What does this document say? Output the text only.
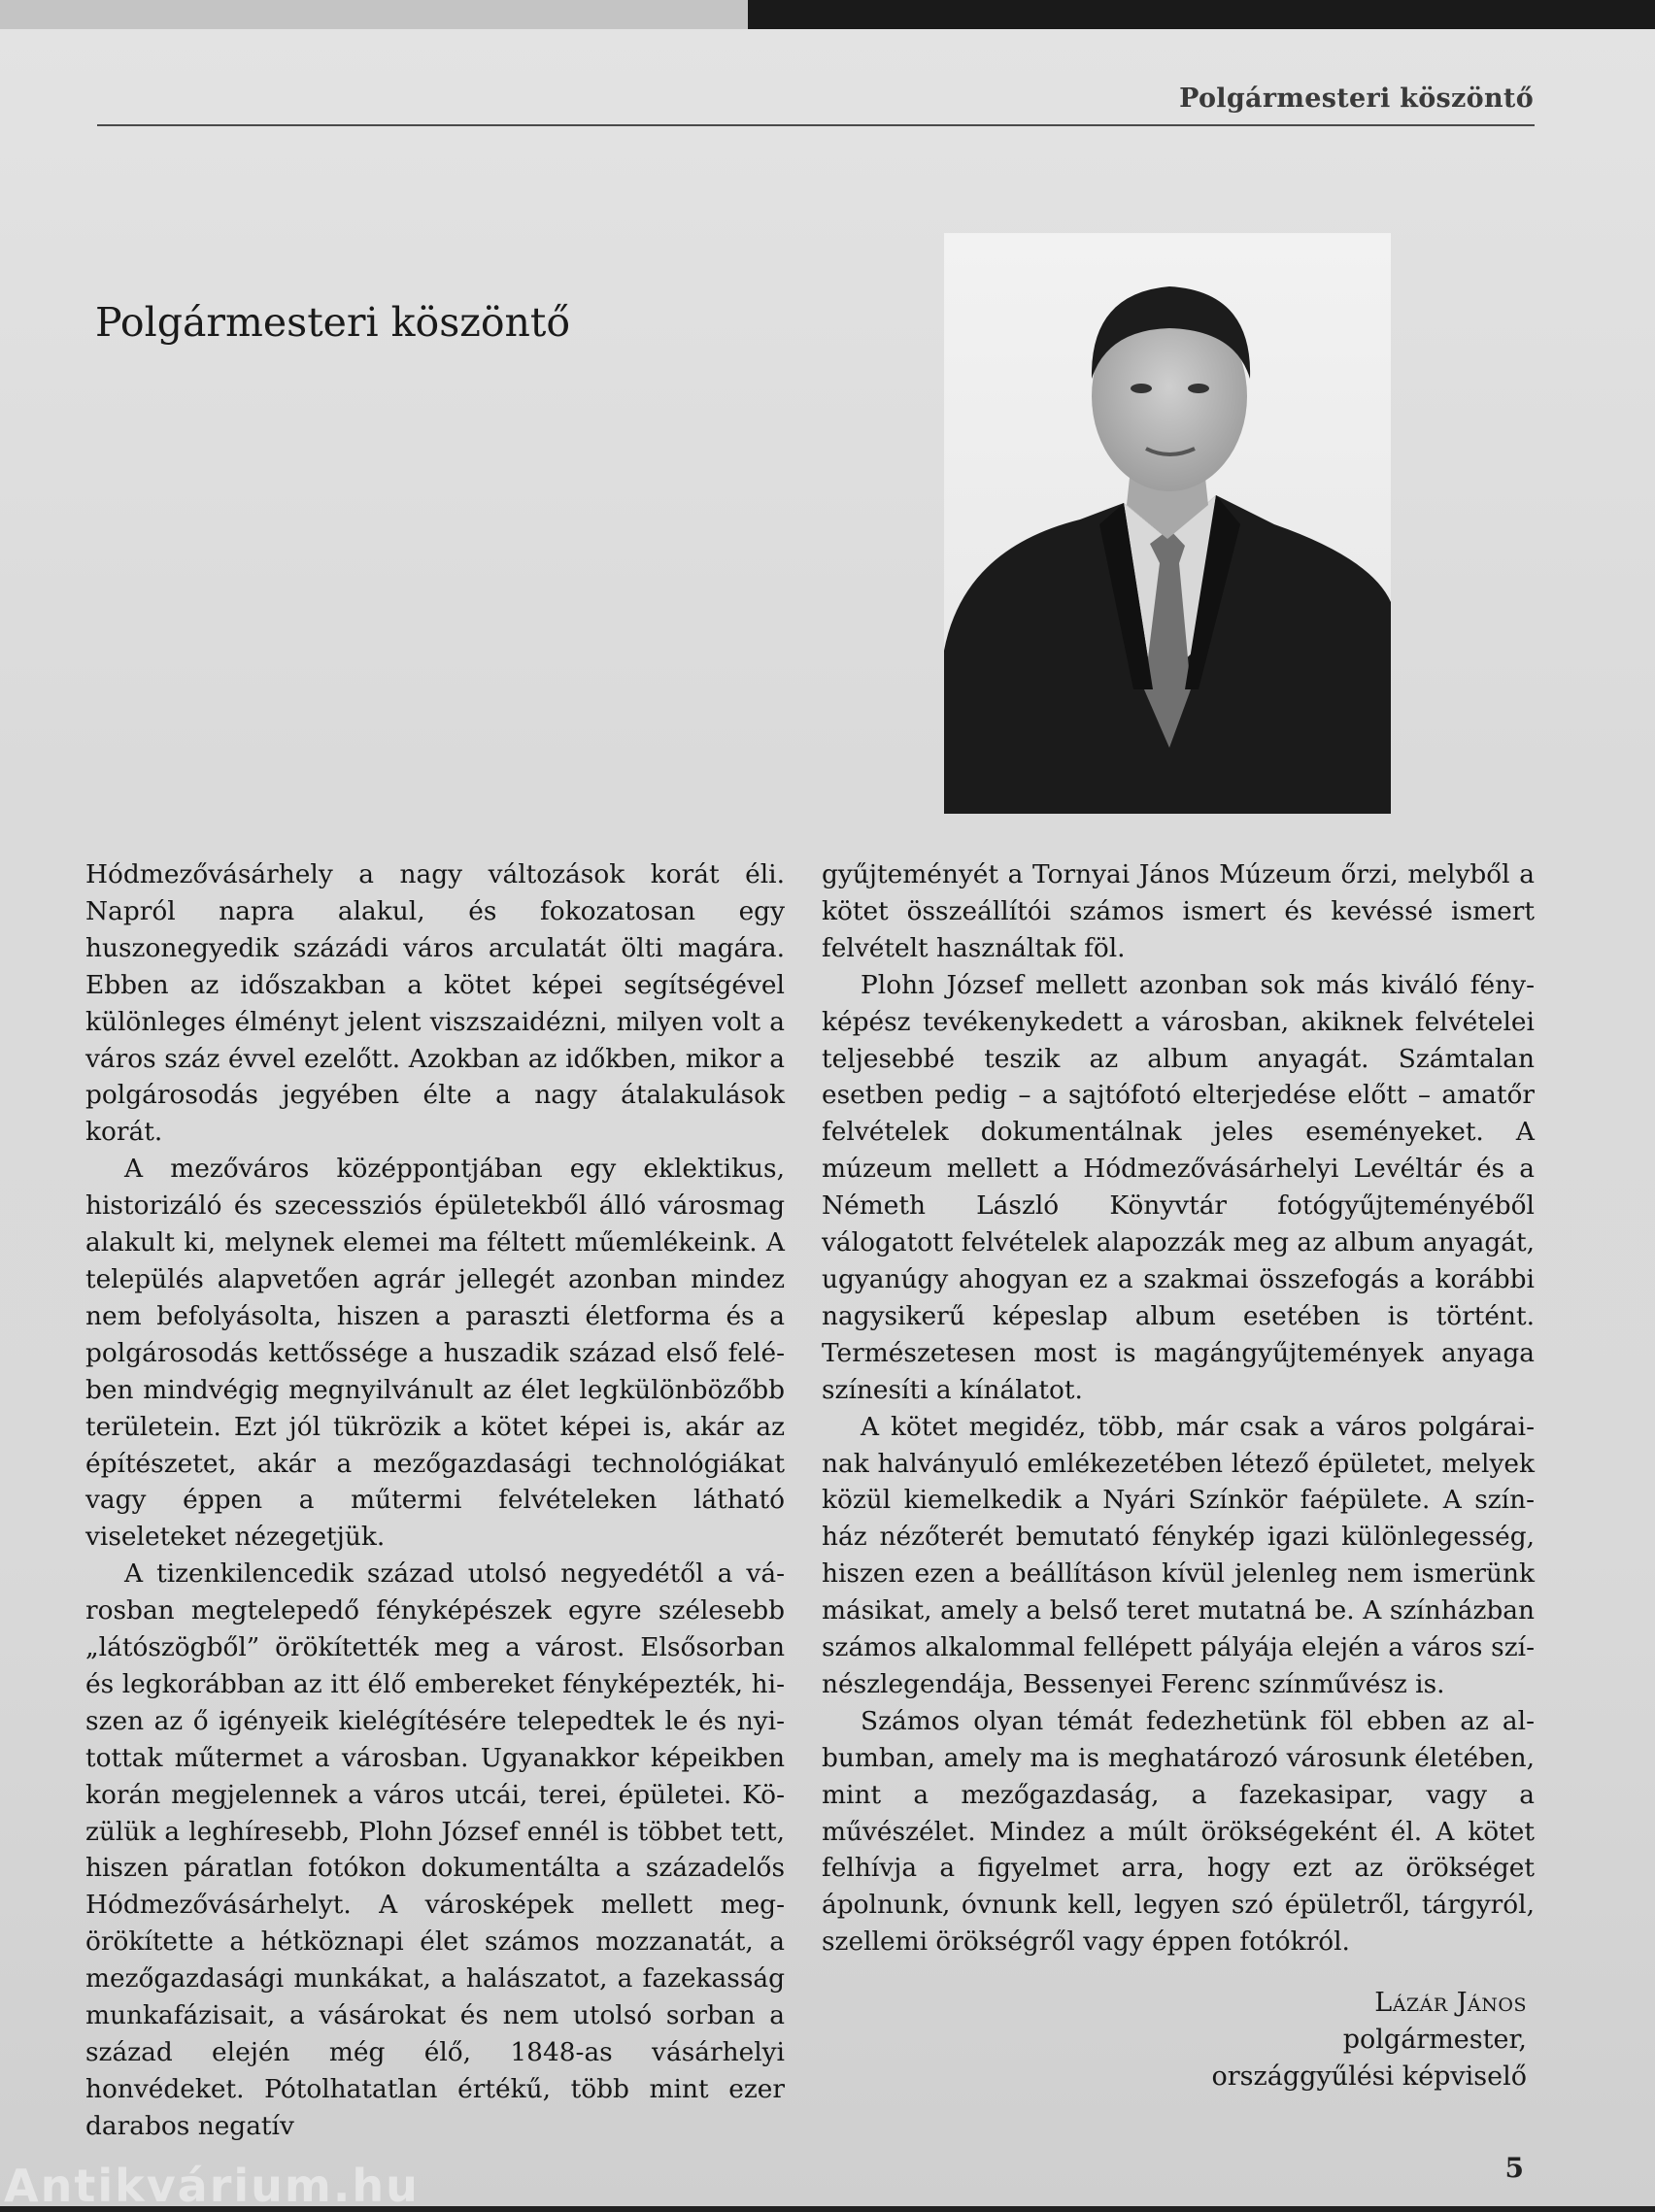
Polgármesteri köszöntő
Polgármesteri köszöntő

Hódmezővásárhely a nagy változások korát éli. Napról napra alakul, és fokozatosan egy huszonegyedik százádi város arculatát ölti magára. Ebben az időszakban a kötet képei segítségével különleges élményt jelent viszszaidézni, milyen volt a város száz évvel ezelőtt. Azokban az időkben, mikor a polgárosodás jegyében élte a nagy átalakulások korát.

A mezőváros középpontjában egy eklektikus, historizáló és szecessziós épületekből álló városmag alakult ki, melynek elemei ma féltett műemlékeink. A település alapvetően agrár jellegét azonban mindez nem befolyásolta, hiszen a paraszti életforma és a polgárosodás kettőssége a huszadik század első felében mindvégig megnyilvánult az élet legkülönbözőbb területein. Ezt jól tükrözik a kötet képei is, akár az építészetet, akár a mezőgazdasági technológiákat vagy éppen a műtermi felvételeken látható viseleteket nézegetjük.

A tizenkilencedik század utolsó negyedétől a városban megtelepedő fényképészek egyre szélesebb „látószögből” örökítették meg a várost. Elsősorban és legkorábban az itt élő embereket fényképezték, hiszen az ő igényeik kielégítésére telepedtek le és nyitottak műtermet a városban. Ugyanakkor képeikben korán megjelennek a város utcái, terei, épületei. Közülük a leghíresebb, Plohn József ennél is többet tett, hiszen páratlan fotókon dokumentálta a századelős Hódmezővásárhelyt. A városképek mellett megörökítette a hétköznapi élet számos mozzanatát, a mezőgazdasági munkákat, a halászatot, a fazekasság munkafázisait, a vásárokat és nem utolsó sorban a század elején még élő, 1848-as vásárhelyi honvédeket. Pótolhatatlan értékű, több mint ezer darabos negatív

gyűjteményét a Tornyai János Múzeum őrzi, melyből a kötet összeállítói számos ismert és kevéssé ismert felvételt használtak föl.

Plohn József mellett azonban sok más kiváló fényképész tevékenykedett a városban, akiknek felvételei teljesebbé teszik az album anyagát. Számtalan esetben pedig – a sajtófotó elterjedése előtt – amatőr felvételek dokumentálnak jeles eseményeket. A múzeum mellett a Hódmezővásárhelyi Levéltár és a Németh László Könyvtár fotógyűjteményéből válogatott felvételek alapozzák meg az album anyagát, ugyanúgy ahogyan ez a szakmai összefogás a korábbi nagysikerű képeslap album esetében is történt. Természetesen most is magángyűjtemények anyaga színesíti a kínálatot.

A kötet megidéz, több, már csak a város polgárainak halványuló emlékezetében létező épületet, melyek közül kiemelkedik a Nyári Színkör faépülete. A színház nézőterét bemutató fénykép igazi különlegesség, hiszen ezen a beállításon kívül jelenleg nem ismerünk másikat, amely a belső teret mutatná be. A színházban számos alkalommal fellépett pályája elején a város színészlegendája, Bessenyei Ferenc színművész is.

Számos olyan témát fedezhetünk föl ebben az albumban, amely ma is meghatározó városunk életében, mint a mezőgazdaság, a fazekasipar, vagy a művészélet. Mindez a múlt örökségeként él. A kötet felhívja a figyelmet arra, hogy ezt az örökséget ápolnunk, óvnunk kell, legyen szó épületről, tárgyról, szellemi örökségről vagy éppen fotókról.

Lázár János
polgármester,
országgyűlési képviselő
5
Antikvárium.hu
